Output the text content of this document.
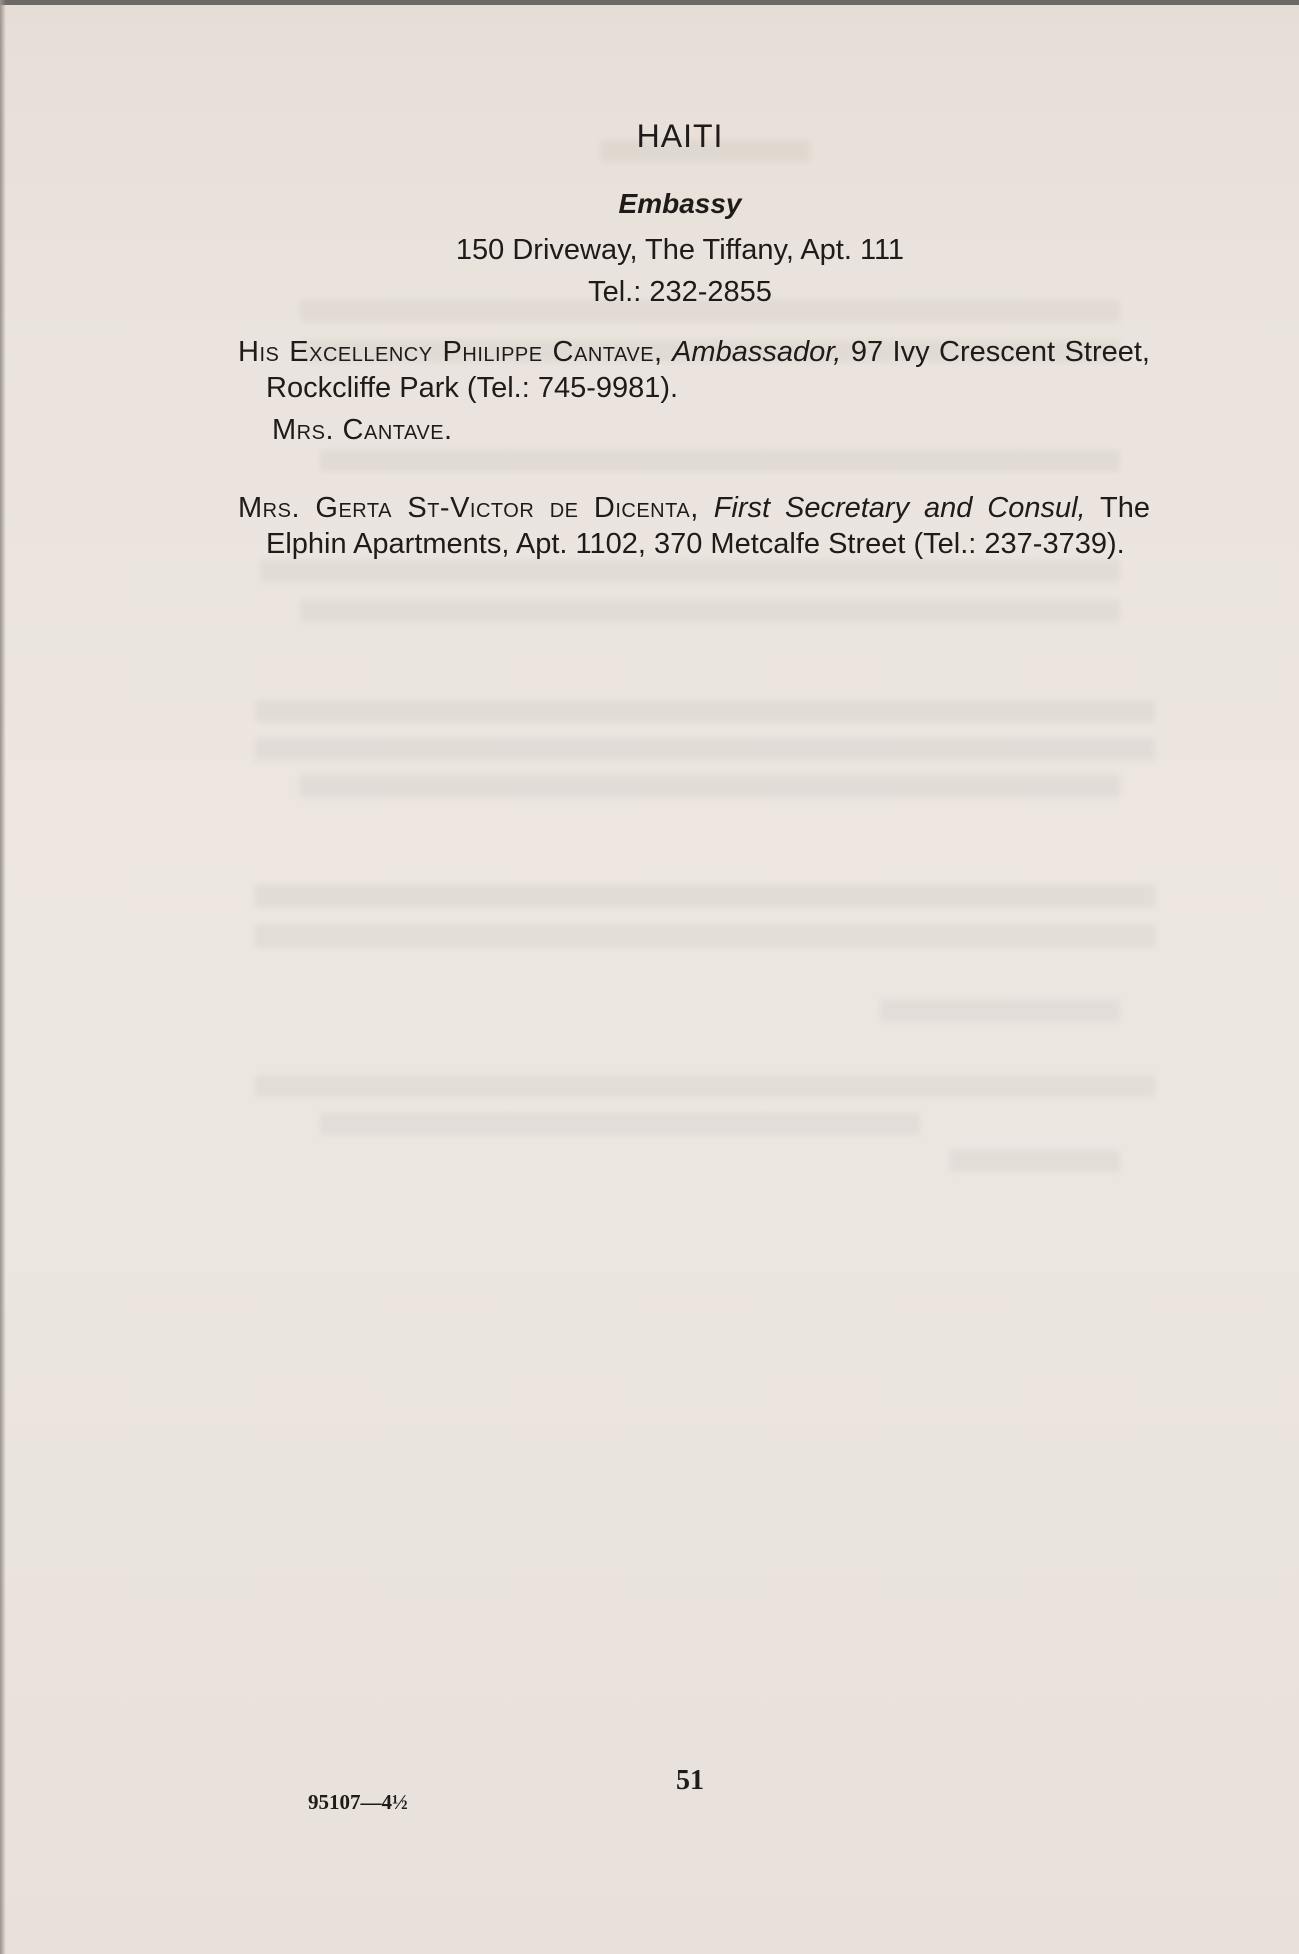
HAITI
Embassy
150 Driveway, The Tiffany, Apt. 111
Tel.: 232-2855
His Excellency Philippe Cantave, Ambassador, 97 Ivy Crescent Street, Rockcliffe Park (Tel.: 745-9981).
Mrs. Cantave.
Mrs. Gerta St-Victor de Dicenta, First Secretary and Consul, The Elphin Apartments, Apt. 1102, 370 Metcalfe Street (Tel.: 237-3739).
51
95107—4½
